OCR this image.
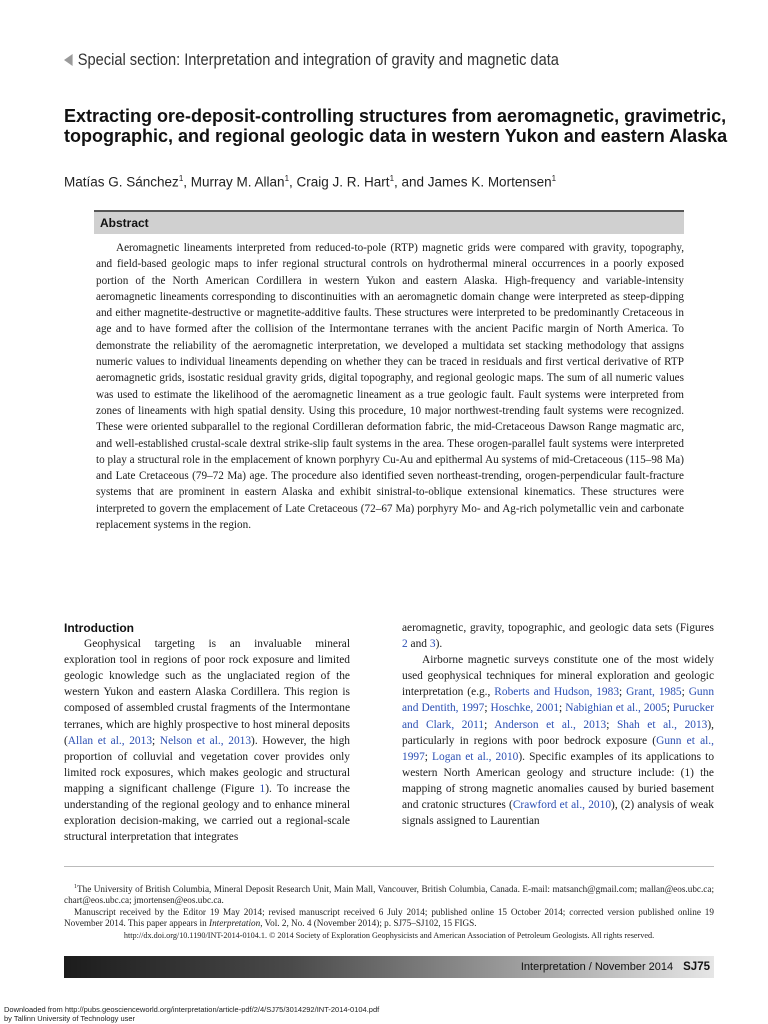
Special section: Interpretation and integration of gravity and magnetic data
Extracting ore-deposit-controlling structures from aeromagnetic, gravimetric, topographic, and regional geologic data in western Yukon and eastern Alaska
Matías G. Sánchez$^1$, Murray M. Allan$^1$, Craig J. R. Hart$^1$, and James K. Mortensen$^1$
Abstract

Aeromagnetic lineaments interpreted from reduced-to-pole (RTP) magnetic grids were compared with gravity, topography, and field-based geologic maps to infer regional structural controls on hydrothermal mineral occurrences in a poorly exposed portion of the North American Cordillera in western Yukon and eastern Alaska. High-frequency and variable-intensity aeromagnetic lineaments corresponding to discontinuities with an aeromagnetic domain change were interpreted as steep-dipping and either magnetite-destructive or magnetite-additive faults. These structures were interpreted to be predominantly Cretaceous in age and to have formed after the collision of the Intermontane terranes with the ancient Pacific margin of North America. To demonstrate the reliability of the aeromagnetic interpretation, we developed a multidata set stacking methodology that assigns numeric values to individual lineaments depending on whether they can be traced in residuals and first vertical derivative of RTP aeromagnetic grids, isostatic residual gravity grids, digital topography, and regional geologic maps. The sum of all numeric values was used to estimate the likelihood of the aeromagnetic lineament as a true geologic fault. Fault systems were interpreted from zones of lineaments with high spatial density. Using this procedure, 10 major northwest-trending fault systems were recognized. These were oriented subparallel to the regional Cordilleran deformation fabric, the mid-Cretaceous Dawson Range magmatic arc, and well-established crustal-scale dextral strike-slip fault systems in the area. These orogen-parallel fault systems were interpreted to play a structural role in the emplacement of known porphyry Cu-Au and epithermal Au systems of mid-Cretaceous (115–98 Ma) and Late Cretaceous (79–72 Ma) age. The procedure also identified seven northeast-trending, orogen-perpendicular fault-fracture systems that are prominent in eastern Alaska and exhibit sinistral-to-oblique extensional kinematics. These structures were interpreted to govern the emplacement of Late Cretaceous (72–67 Ma) porphyry Mo- and Ag-rich polymetallic vein and carbonate replacement systems in the region.

Introduction

Geophysical targeting is an invaluable mineral exploration tool in regions of poor rock exposure and limited geologic knowledge such as the unglaciated region of the western Yukon and eastern Alaska Cordillera. This region is composed of assembled crustal fragments of the Intermontane terranes, which are highly prospective to host mineral deposits (Allan et al., 2013; Nelson et al., 2013). However, the high proportion of colluvial and vegetation cover provides only limited rock exposures, which makes geologic and structural mapping a significant challenge (Figure 1). To increase the understanding of the regional geology and to enhance mineral exploration decision-making, we carried out a regional-scale structural interpretation that integrates

aeromagnetic, gravity, topographic, and geologic data sets (Figures 2 and 3).

Airborne magnetic surveys constitute one of the most widely used geophysical techniques for mineral exploration and geologic interpretation (e.g., Roberts and Hudson, 1983; Grant, 1985; Gunn and Dentith, 1997; Hoschke, 2001; Nabighian et al., 2005; Purucker and Clark, 2011; Anderson et al., 2013; Shah et al., 2013), particularly in regions with poor bedrock exposure (Gunn et al., 1997; Logan et al., 2010). Specific examples of its applications to western North American geology and structure include: (1) the mapping of strong magnetic anomalies caused by buried basement and cratonic structures (Crawford et al., 2010), (2) analysis of weak signals assigned to Laurentian

$^1$The University of British Columbia, Mineral Deposit Research Unit, Main Mall, Vancouver, British Columbia, Canada. E-mail: matsanch@gmail.com; mallan@eos.ubc.ca; chart@eos.ubc.ca; jmortensen@eos.ubc.ca.

Manuscript received by the Editor 19 May 2014; revised manuscript received 6 July 2014; published online 15 October 2014; corrected version published online 19 November 2014. This paper appears in Interpretation, Vol. 2, No. 4 (November 2014); p. SJ75–SJ102, 15 FIGS.

http://dx.doi.org/10.1190/INT-2014-0104.1. © 2014 Society of Exploration Geophysicists and American Association of Petroleum Geologists. All rights reserved.

Interpretation / November 2014 SJ75
Downloaded from http://pubs.geoscienceworld.org/interpretation/article-pdf/2/4/SJ75/3014292/INT-2014-0104.pdf
by Tallinn University of Technology user
